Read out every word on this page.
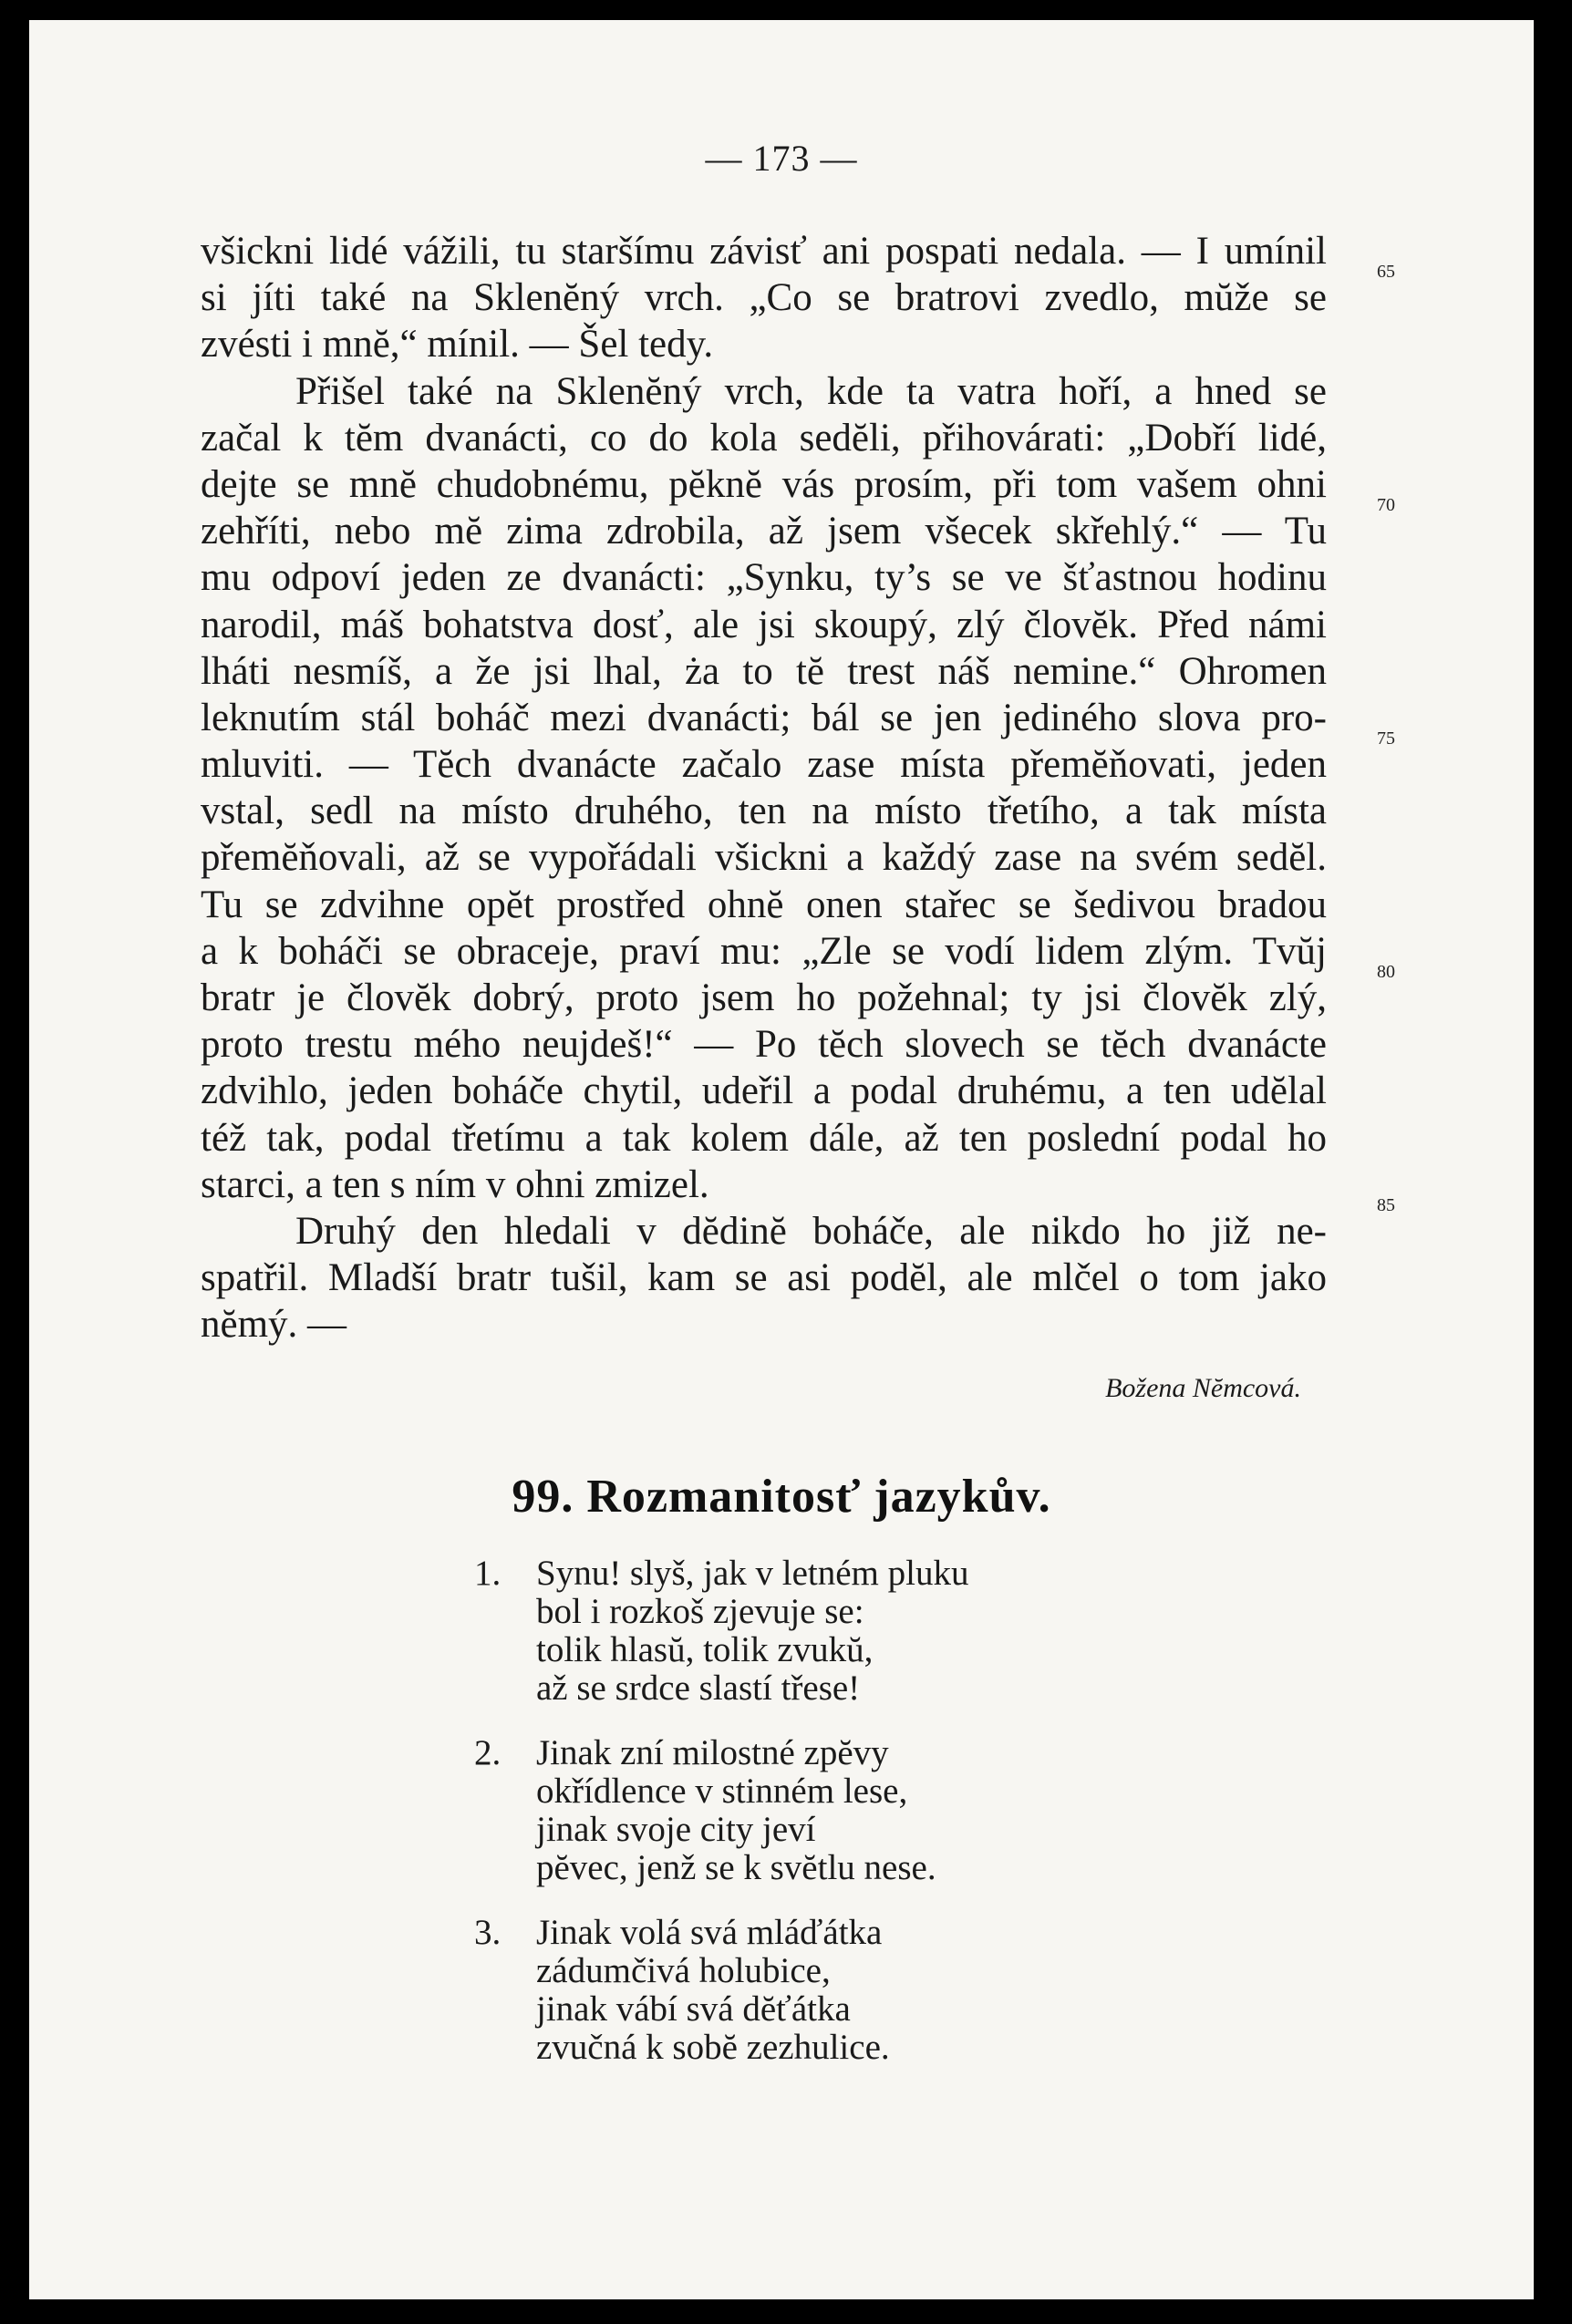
— 173 —
všickni lidé vážili, tu staršímu závisť ani pospati nedala. — I umínil
si jíti také na Sklenĕný vrch. „Co se bratrovi zvedlo, mŭže se
zvésti i mnĕ,“ mínil. — Šel tedy.
Přišel také na Sklenĕný vrch, kde ta vatra hoří, a hned se
začal k tĕm dvanácti, co do kola sedĕli, přihovárati: „Dobří lidé,
dejte se mnĕ chudobnému, pĕknĕ vás prosím, při tom vašem ohni
zehříti, nebo mĕ zima zdrobila, až jsem všecek skřehlý.“ — Tu
mu odpoví jeden ze dvanácti: „Synku, ty’s se ve šťastnou hodinu
narodil, máš bohatstva dosť, ale jsi skoupý, zlý človĕk. Před námi
lháti nesmíš, a že jsi lhal, ża to tĕ trest náš nemine.“ Ohromen
leknutím stál boháč mezi dvanácti; bál se jen jediného slova pro-
mluviti. — Tĕch dvanácte začalo zase místa přemĕňovati, jeden
vstal, sedl na místo druhého, ten na místo třetího, a tak místa
přemĕňovali, až se vypořádali všickni a každý zase na svém sedĕl.
Tu se zdvihne opĕt prostřed ohnĕ onen stařec se šedivou bradou
a k boháči se obraceje, praví mu: „Zle se vodí lidem zlým. Tvŭj
bratr je človĕk dobrý, proto jsem ho požehnal; ty jsi človĕk zlý,
proto trestu mého neujdeš!“ — Po tĕch slovech se tĕch dvanácte
zdvihlo, jeden boháče chytil, udeřil a podal druhému, a ten udĕlal
též tak, podal třetímu a tak kolem dále, až ten poslední podal ho
starci, a ten s ním v ohni zmizel.
Druhý den hledali v dĕdinĕ boháče, ale nikdo ho již ne-
spatřil. Mladší bratr tušil, kam se asi podĕl, ale mlčel o tom jako
nĕmý. —
65
70
75
80
85
Božena Nĕmcová.
99. Rozmanitosť jazykův.
1. Synu! slyš, jak v letném pluku
bol i rozkoš zjevuje se:
tolik hlasŭ, tolik zvukŭ,
až se srdce slastí třese!
2. Jinak zní milostné zpĕvy
okřídlence v stinném lese,
jinak svoje city jeví
pĕvec, jenž se k svĕtlu nese.
3. Jinak volá svá mláďátka
zádumčivá holubice,
jinak vábí svá dĕťátka
zvučná k sobĕ zezhulice.
